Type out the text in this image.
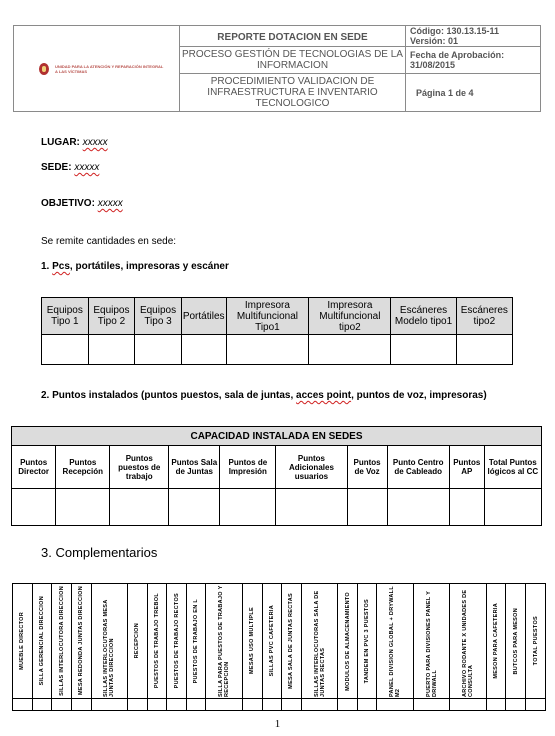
UNIDAD PARA LA ATENCIÓN Y REPARACIÓN INTEGRAL A LAS VÍCTIMAS	REPORTE DOTACION EN SEDE	Código: 130.13.15-11
Versión: 01

	PROCESO GESTIÓN DE TECNOLOGIAS DE LA INFORMACION	Fecha de Aprobación: 31/08/2015

	PROCEDIMIENTO VALIDACION DE INFRAESTRUCTURA E INVENTARIO TECNOLOGICO	Página 1 de 4
LUGAR: xxxxx
SEDE: xxxxx
OBJETIVO: xxxxx
Se remite cantidades en sede:
1. Pcs, portátiles, impresoras y escáner
Equipos Tipo 1	Equipos Tipo 2	Equipos Tipo 3	Portátiles	Impresora Multifuncional Tipo1	Impresora Multifuncional tipo2	Escáneres Modelo tipo1	Escáneres tipo2

2. Puntos instalados (puntos puestos, sala de juntas, acces point, puntos de voz, impresoras)
CAPACIDAD INSTALADA EN SEDES									
Puntos Director	Puntos Recepción	Puntos puestos de trabajo	Puntos Sala de Juntas	Puntos de Impresión	Puntos Adicionales usuarios	Puntos de Voz	Punto Centro de Cableado	Puntos AP	Total Puntos lógicos al CC

3. Complementarios
MUEBLE DIRECTOR	SILLA GERENCIAL DIRECCION	SILLAS INTERLOCUTORA DIRECCION	MESA REDONDA JUNTAS DIRECCION	SILLAS INTERLOCUTORAS MESA JUNTAS DIRECCION	RECEPCION	PUESTOS DE TRABAJO TREBOL	PUESTOS DE TRABAJO RECTOS	PUESTOS DE TRABAJO EN L	SILLA PARA PUESTOS DE TRABAJO Y RECEPCION	MESAS USO MULTIPLE	SILLAS PVC CAFETERIA	MESA SALA DE JUNTAS RECTAS	SILLAS INTERLOCUTORAS SALA DE JUNTAS RECTAS	MODULOS DE ALMACENAMIENTO	TANDEM EN PVC 3 PUESTOS	PANEL DIVISION GLOBAL + DRYWALL M2	PUERTO PARA DIVISIONES PANEL Y DRIWALL	ARCHIVO RODANTE X UNIDADES DE CONSULTA	MESON PARA CAFETERIA	BUTCOS PARA MESON	TOTAL PUESTOS

1
